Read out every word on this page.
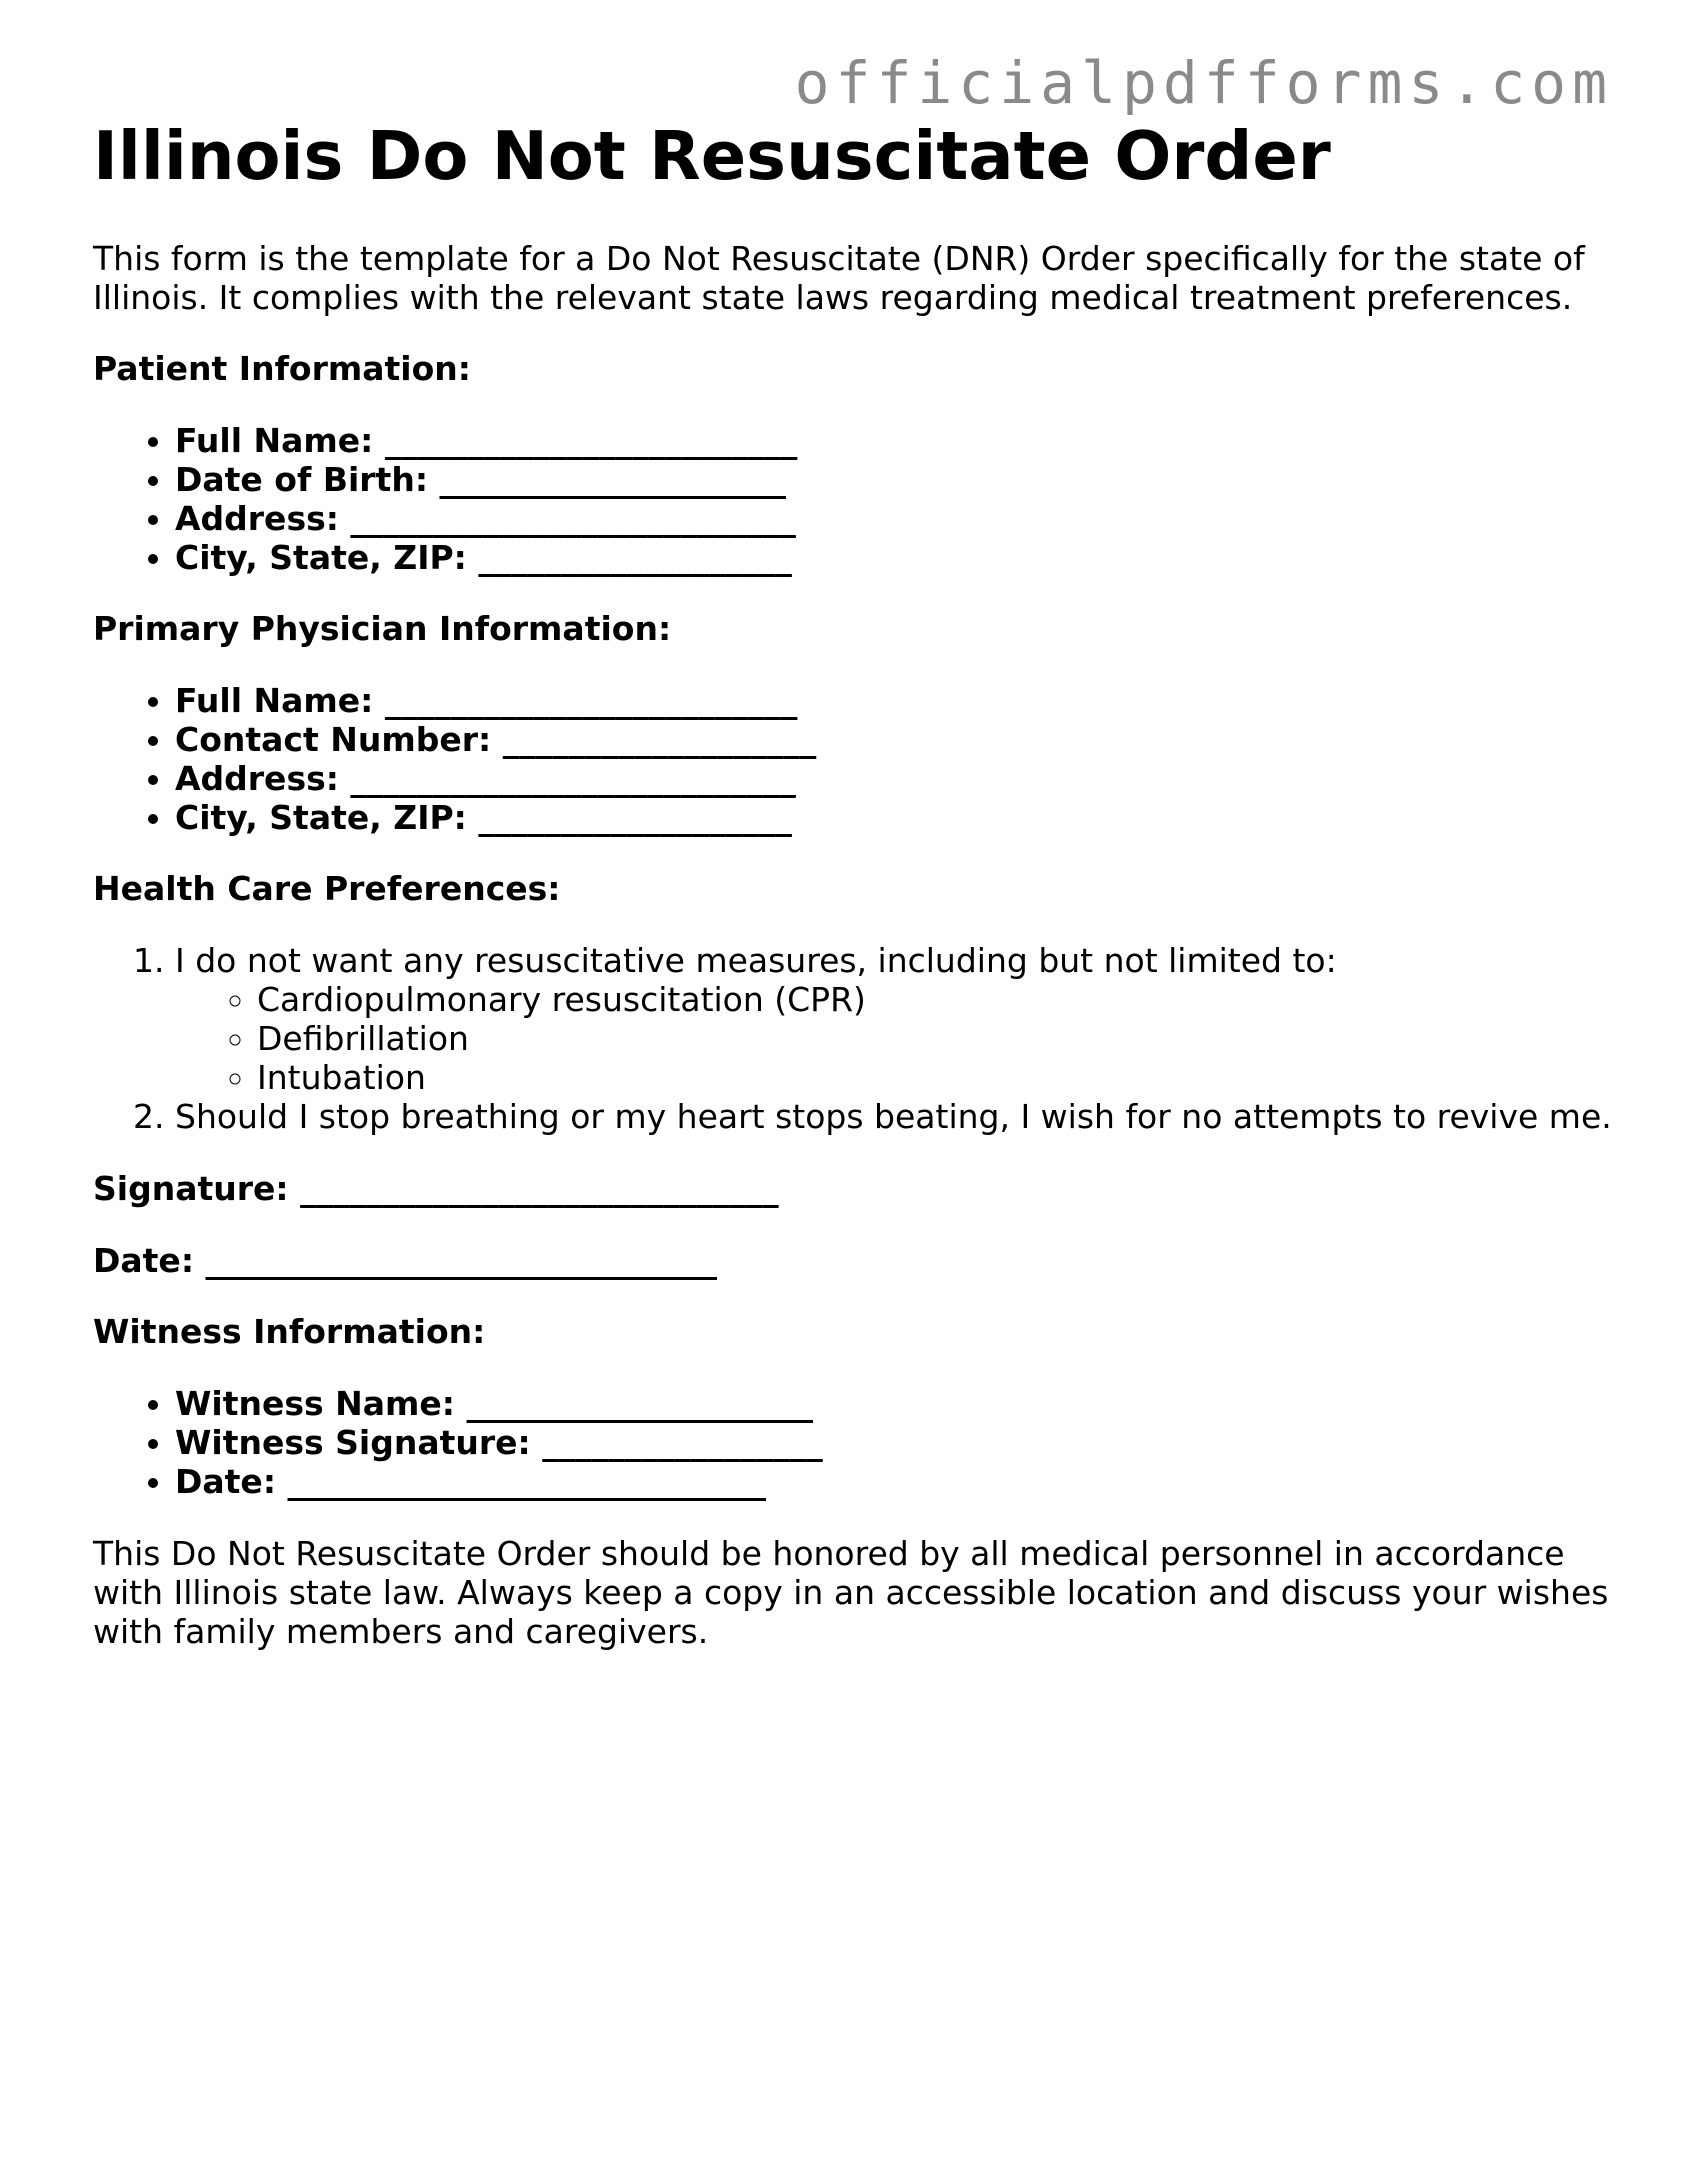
officialpdfforms.com
Illinois Do Not Resuscitate Order

This form is the template for a Do Not Resuscitate (DNR) Order specifically for the state of Illinois. It complies with the relevant state laws regarding medical treatment preferences.

Patient Information:
• Full Name: _________________________
• Date of Birth: _____________________
• Address: ___________________________
• City, State, ZIP: ___________________
Primary Physician Information:
• Full Name: _________________________
• Contact Number: ___________________
• Address: ___________________________
• City, State, ZIP: ___________________
Health Care Preferences:
1. I do not want any resuscitative measures, including but not limited to:
◦ Cardiopulmonary resuscitation (CPR)
◦ Defibrillation
◦ Intubation
2. Should I stop breathing or my heart stops beating, I wish for no attempts to revive me.
Signature: _____________________________
Date: _______________________________
Witness Information:
• Witness Name: _____________________
• Witness Signature: _________________
• Date: _____________________________

This Do Not Resuscitate Order should be honored by all medical personnel in accordance with Illinois state law. Always keep a copy in an accessible location and discuss your wishes with family members and caregivers.
